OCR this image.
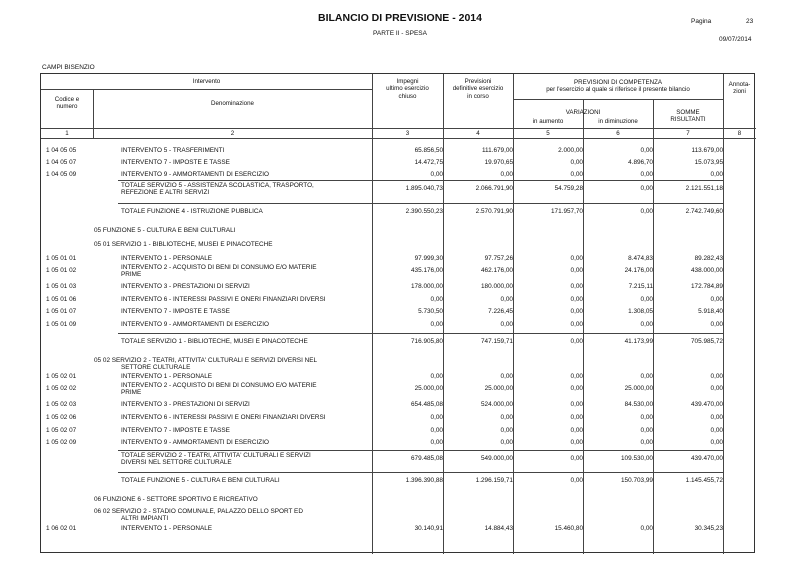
BILANCIO DI PREVISIONE - 2014
PARTE II - SPESA
Pagina	23
09/07/2014
CAMPI BISENZIO
Intervento
Codice e
numero	Denominazione
Impegni
ultimo esercizio
chiuso
Previsioni
definitive esercizio
in corso
PREVISIONI DI COMPETENZA
per l'esercizio al quale si riferisce il presente bilancio
VARIAZIONI
in aumento	in diminuzione
SOMME
RISULTANTI
Annota-
zioni
1	2	3	4	5	6	7	8
1 04 05 05	INTERVENTO 5 - TRASFERIMENTI	65.856,50	111.679,00	2.000,00	0,00	113.679,00
1 04 05 07	INTERVENTO 7 - IMPOSTE E TASSE	14.472,75	19.970,65	0,00	4.896,70	15.073,95
1 04 05 09	INTERVENTO 9 - AMMORTAMENTI DI ESERCIZIO	0,00	0,00	0,00	0,00	0,00
TOTALE SERVIZIO 5 - ASSISTENZA SCOLASTICA, TRASPORTO,
REFEZIONE E ALTRI SERVIZI
1.895.040,73	2.066.791,90	54.759,28	0,00	2.121.551,18
TOTALE FUNZIONE 4 - ISTRUZIONE PUBBLICA	2.390.550,23	2.570.791,90	171.957,70	0,00	2.742.749,60
05 FUNZIONE 5 - CULTURA E BENI CULTURALI
05 01 SERVIZIO 1 - BIBLIOTECHE, MUSEI E PINACOTECHE
1 05 01 01	INTERVENTO 1 - PERSONALE	97.999,30	97.757,26	0,00	8.474,83	89.282,43
1 05 01 02	INTERVENTO 2 - ACQUISTO DI BENI DI CONSUMO E/O MATERIE
PRIME
435.176,00	462.176,00	0,00	24.176,00	438.000,00
1 05 01 03	INTERVENTO 3 - PRESTAZIONI DI SERVIZI	178.000,00	180.000,00	0,00	7.215,11	172.784,89
1 05 01 06	INTERVENTO 6 - INTERESSI PASSIVI E ONERI FINANZIARI DIVERSI	0,00	0,00	0,00	0,00	0,00
1 05 01 07	INTERVENTO 7 - IMPOSTE E TASSE	5.730,50	7.226,45	0,00	1.308,05	5.918,40
1 05 01 09	INTERVENTO 9 - AMMORTAMENTI DI ESERCIZIO	0,00	0,00	0,00	0,00	0,00
TOTALE SERVIZIO 1 - BIBLIOTECHE, MUSEI E PINACOTECHE	716.905,80	747.159,71	0,00	41.173,99	705.985,72
05 02 SERVIZIO 2 - TEATRI, ATTIVITA' CULTURALI E SERVIZI DIVERSI NEL
SETTORE CULTURALE
1 05 02 01	INTERVENTO 1 - PERSONALE	0,00	0,00	0,00	0,00	0,00
1 05 02 02	INTERVENTO 2 - ACQUISTO DI BENI DI CONSUMO E/O MATERIE
PRIME
25.000,00	25.000,00	0,00	25.000,00	0,00
1 05 02 03	INTERVENTO 3 - PRESTAZIONI DI SERVIZI	654.485,08	524.000,00	0,00	84.530,00	439.470,00
1 05 02 06	INTERVENTO 6 - INTERESSI PASSIVI E ONERI FINANZIARI DIVERSI	0,00	0,00	0,00	0,00	0,00
1 05 02 07	INTERVENTO 7 - IMPOSTE E TASSE	0,00	0,00	0,00	0,00	0,00
1 05 02 09	INTERVENTO 9 - AMMORTAMENTI DI ESERCIZIO	0,00	0,00	0,00	0,00	0,00
TOTALE SERVIZIO 2 - TEATRI, ATTIVITA' CULTURALI E SERVIZI
DIVERSI NEL SETTORE CULTURALE
679.485,08	549.000,00	0,00	109.530,00	439.470,00
TOTALE FUNZIONE 5 - CULTURA E BENI CULTURALI	1.396.390,88	1.296.159,71	0,00	150.703,99	1.145.455,72
06 FUNZIONE 6 - SETTORE SPORTIVO E RICREATIVO
06 02 SERVIZIO 2 - STADIO COMUNALE, PALAZZO DELLO SPORT ED
ALTRI IMPIANTI
1 06 02 01	INTERVENTO 1 - PERSONALE	30.140,91	14.884,43	15.460,80	0,00	30.345,23
